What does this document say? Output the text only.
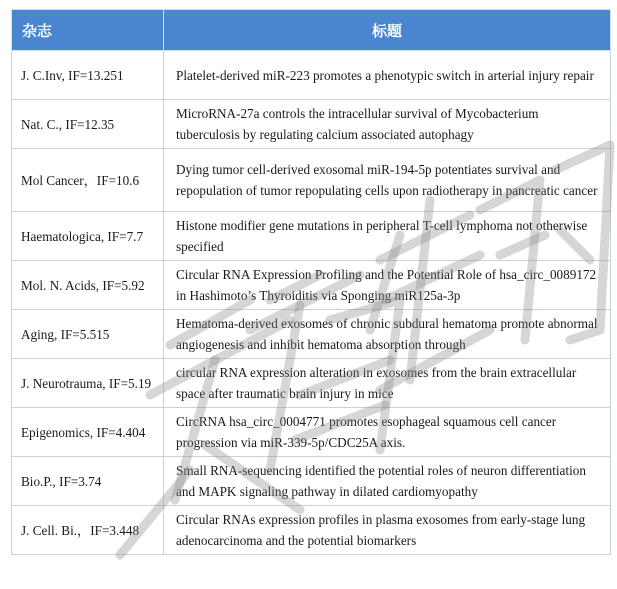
杂志	标题
J. C.Inv, IF=13.251	Platelet-derived miR-223 promotes a phenotypic switch in arterial injury repair
Nat. C., IF=12.35	MicroRNA-27a controls the intracellular survival of Mycobacterium tuberculosis by regulating calcium associated autophagy
Mol Cancer，IF=10.6	Dying tumor cell-derived exosomal miR-194-5p potentiates survival and repopulation of tumor repopulating cells upon radiotherapy in pancreatic cancer
Haematologica, IF=7.7	Histone modifier gene mutations in peripheral T-cell lymphoma not otherwise specified
Mol. N. Acids, IF=5.92	Circular RNA Expression Profiling and the Potential Role of hsa_circ_0089172 in Hashimoto’s Thyroiditis via Sponging miR125a-3p
Aging, IF=5.515	Hematoma-derived exosomes of chronic subdural hematoma promote abnormal angiogenesis and inhibit hematoma absorption through
J. Neurotrauma, IF=5.19	circular RNA expression alteration in exosomes from the brain extracellular space after traumatic brain injury in mice
Epigenomics, IF=4.404	CircRNA hsa_circ_0004771 promotes esophageal squamous cell cancer progression via miR-339-5p/CDC25A axis.
Bio.P., IF=3.74	Small RNA-sequencing identified the potential roles of neuron differentiation and MAPK signaling pathway in dilated cardiomyopathy
J. Cell. Bi.，IF=3.448	Circular RNAs expression profiles in plasma exosomes from early-stage lung adenocarcinoma and the potential biomarkers
